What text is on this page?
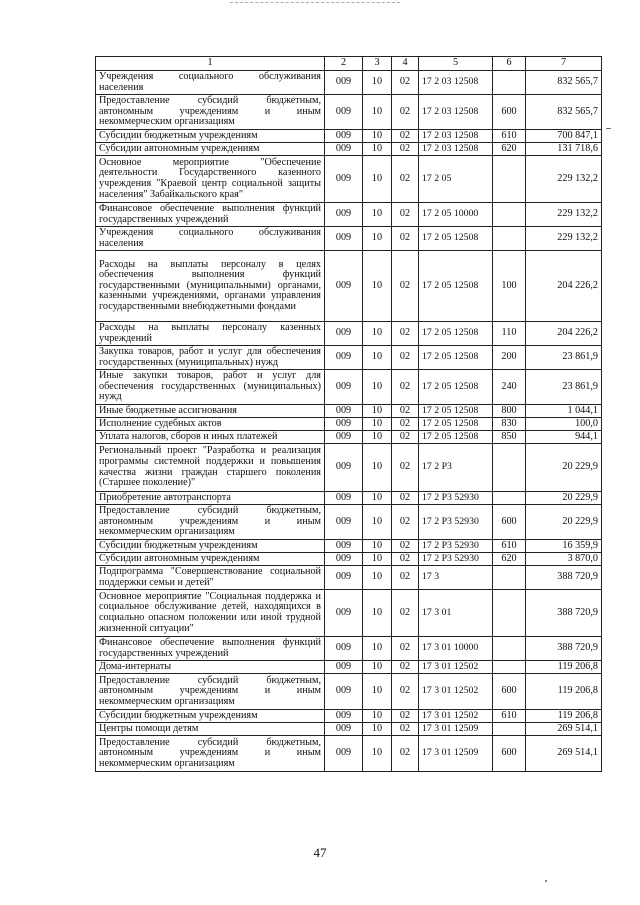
1	2	3	4	5	6	7
Учреждения социального обслуживания населения	009	10	02	17 2 03 12508		832 565,7
Предоставление субсидий бюджетным, автономным учреждениям и иным некоммерческим организациям	009	10	02	17 2 03 12508	600	832 565,7
Субсидии бюджетным учреждениям	009	10	02	17 2 03 12508	610	700 847,1
Субсидии автономным учреждениям	009	10	02	17 2 03 12508	620	131 718,6
Основное мероприятие "Обеспечение деятельности Государственного казенного учреждения "Краевой центр социальной защиты населения" Забайкальского края"	009	10	02	17 2 05		229 132,2
Финансовое обеспечение выполнения функций государственных учреждений	009	10	02	17 2 05 10000		229 132,2
Учреждения социального обслуживания населения	009	10	02	17 2 05 12508		229 132,2
Расходы на выплаты персоналу в целях обеспечения выполнения функций государственными (муниципальными) органами, казенными учреждениями, органами управления государственными внебюджетными фондами	009	10	02	17 2 05 12508	100	204 226,2
Расходы на выплаты персоналу казенных учреждений	009	10	02	17 2 05 12508	110	204 226,2
Закупка товаров, работ и услуг для обеспечения государственных (муниципальных) нужд	009	10	02	17 2 05 12508	200	23 861,9
Иные закупки товаров, работ и услуг для обеспечения государственных (муниципальных) нужд	009	10	02	17 2 05 12508	240	23 861,9
Иные бюджетные ассигнования	009	10	02	17 2 05 12508	800	1 044,1
Исполнение судебных актов	009	10	02	17 2 05 12508	830	100,0
Уплата налогов, сборов и иных платежей	009	10	02	17 2 05 12508	850	944,1
Региональный проект "Разработка и реализация программы системной поддержки и повышения качества жизни граждан старшего поколения (Старшее поколение)"	009	10	02	17 2 P3		20 229,9
Приобретение автотранспорта	009	10	02	17 2 P3 52930		20 229,9
Предоставление субсидий бюджетным, автономным учреждениям и иным некоммерческим организациям	009	10	02	17 2 P3 52930	600	20 229,9
Субсидии бюджетным учреждениям	009	10	02	17 2 P3 52930	610	16 359,9
Субсидии автономным учреждениям	009	10	02	17 2 P3 52930	620	3 870,0
Подпрограмма "Совершенствование социальной поддержки семьи и детей"	009	10	02	17 3		388 720,9
Основное мероприятие "Социальная поддержка и социальное обслуживание детей, находящихся в социально опасном положении или иной трудной жизненной ситуации"	009	10	02	17 3 01		388 720,9
Финансовое обеспечение выполнения функций государственных учреждений	009	10	02	17 3 01 10000		388 720,9
Дома-интернаты	009	10	02	17 3 01 12502		119 206,8
Предоставление субсидий бюджетным, автономным учреждениям и иным некоммерческим организациям	009	10	02	17 3 01 12502	600	119 206,8
Субсидии бюджетным учреждениям	009	10	02	17 3 01 12502	610	119 206,8
Центры помощи детям	009	10	02	17 3 01 12509		269 514,1
Предоставление субсидий бюджетным, автономным учреждениям и иным некоммерческим организациям	009	10	02	17 3 01 12509	600	269 514,1
47
